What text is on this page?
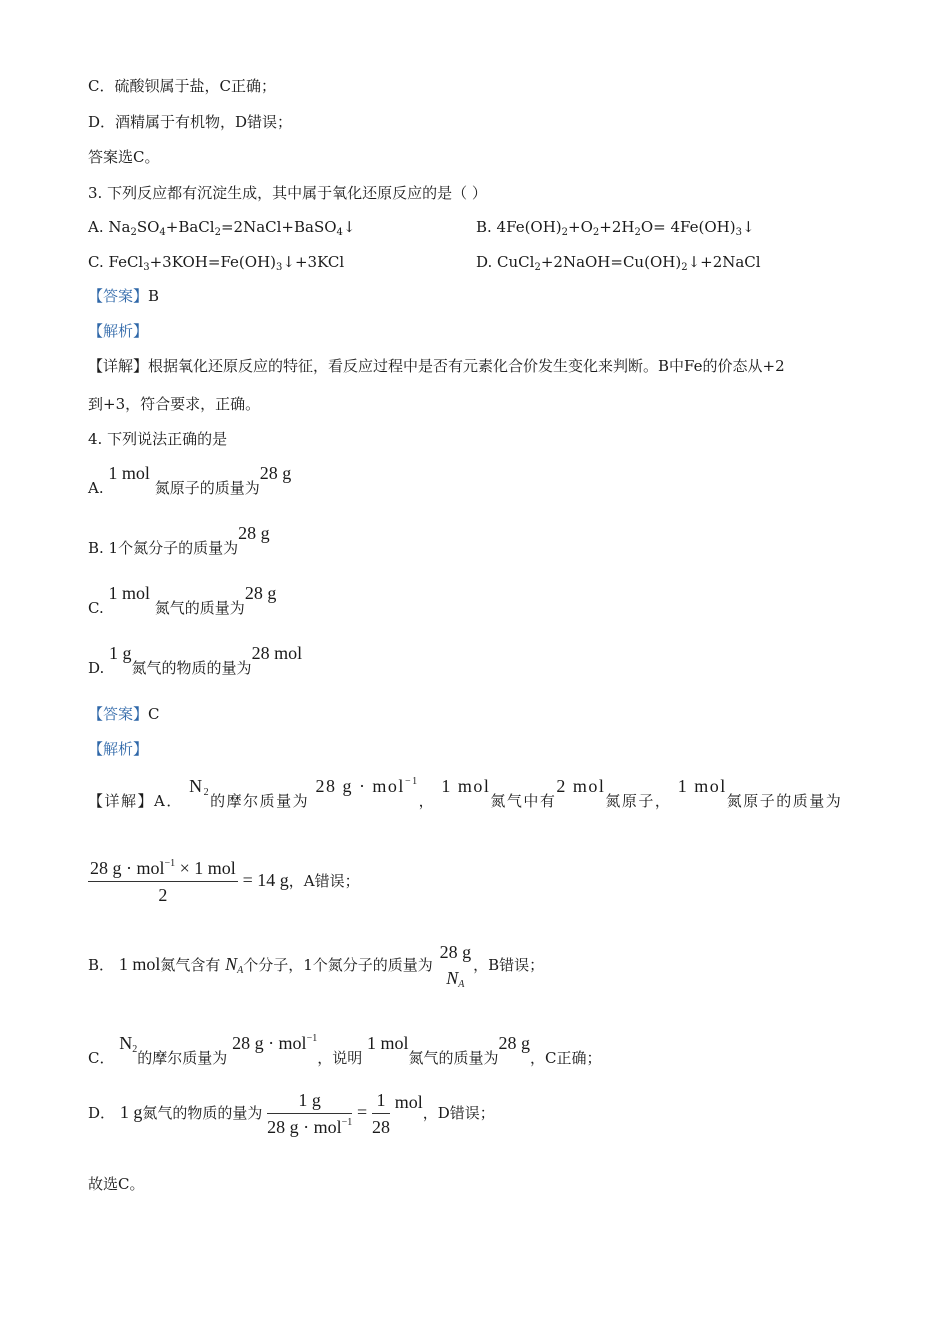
C．硫酸钡属于盐，C正确；
D．酒精属于有机物，D错误；
答案选C。
3. 下列反应都有沉淀生成，其中属于氧化还原反应的是（ ）
A. $Na_2SO_4+BaCl_2=2NaCl+BaSO_4↓$	B. $4Fe(OH)_2+O_2+2H_2O=$ $4Fe(OH)_3↓$
C. $FeCl_3+3KOH=Fe(OH)_3↓+3KCl$	D. $CuCl_2+2NaOH=Cu(OH)_2↓+2NaCl$
【答案】B
【解析】
【详解】根据氧化还原反应的特征，看反应过程中是否有元素化合价发生变化来判断。B中Fe的价态从+2
到+3，符合要求，正确。
4. 下列说法正确的是
A. 1 mol 氮原子的质量为28 g
B. 1个氮分子的质量为28 g
C. 1 mol 氮气的质量为28 g
D. 1 g氮气的物质的量为28 mol
【答案】C
【解析】
【详解】A． $N_2$的摩尔质量为 28 g · mol$^{-1}$， 1 mol氮气中有2 mol氮原子， 1 mol氮原子的质量为
$\frac{28 g \cdot mol^{-1} \times 1 mol}{2} = 14$ g，A错误；
B． 1 mol氮气含有 $N_A$个分子，1个氮分子的质量为
28 g
$N_A$
，B错误；
C． $N_2$的摩尔质量为 28 g · mol$^{-1}$，说明 1 mol氮气的质量为28 g，C正确；
D． 1 g氮气的物质的量为 $\frac{1 g}{28 g \cdot mol^{-1}} = \frac{1}{28}$ mol，D错误；
故选C。
